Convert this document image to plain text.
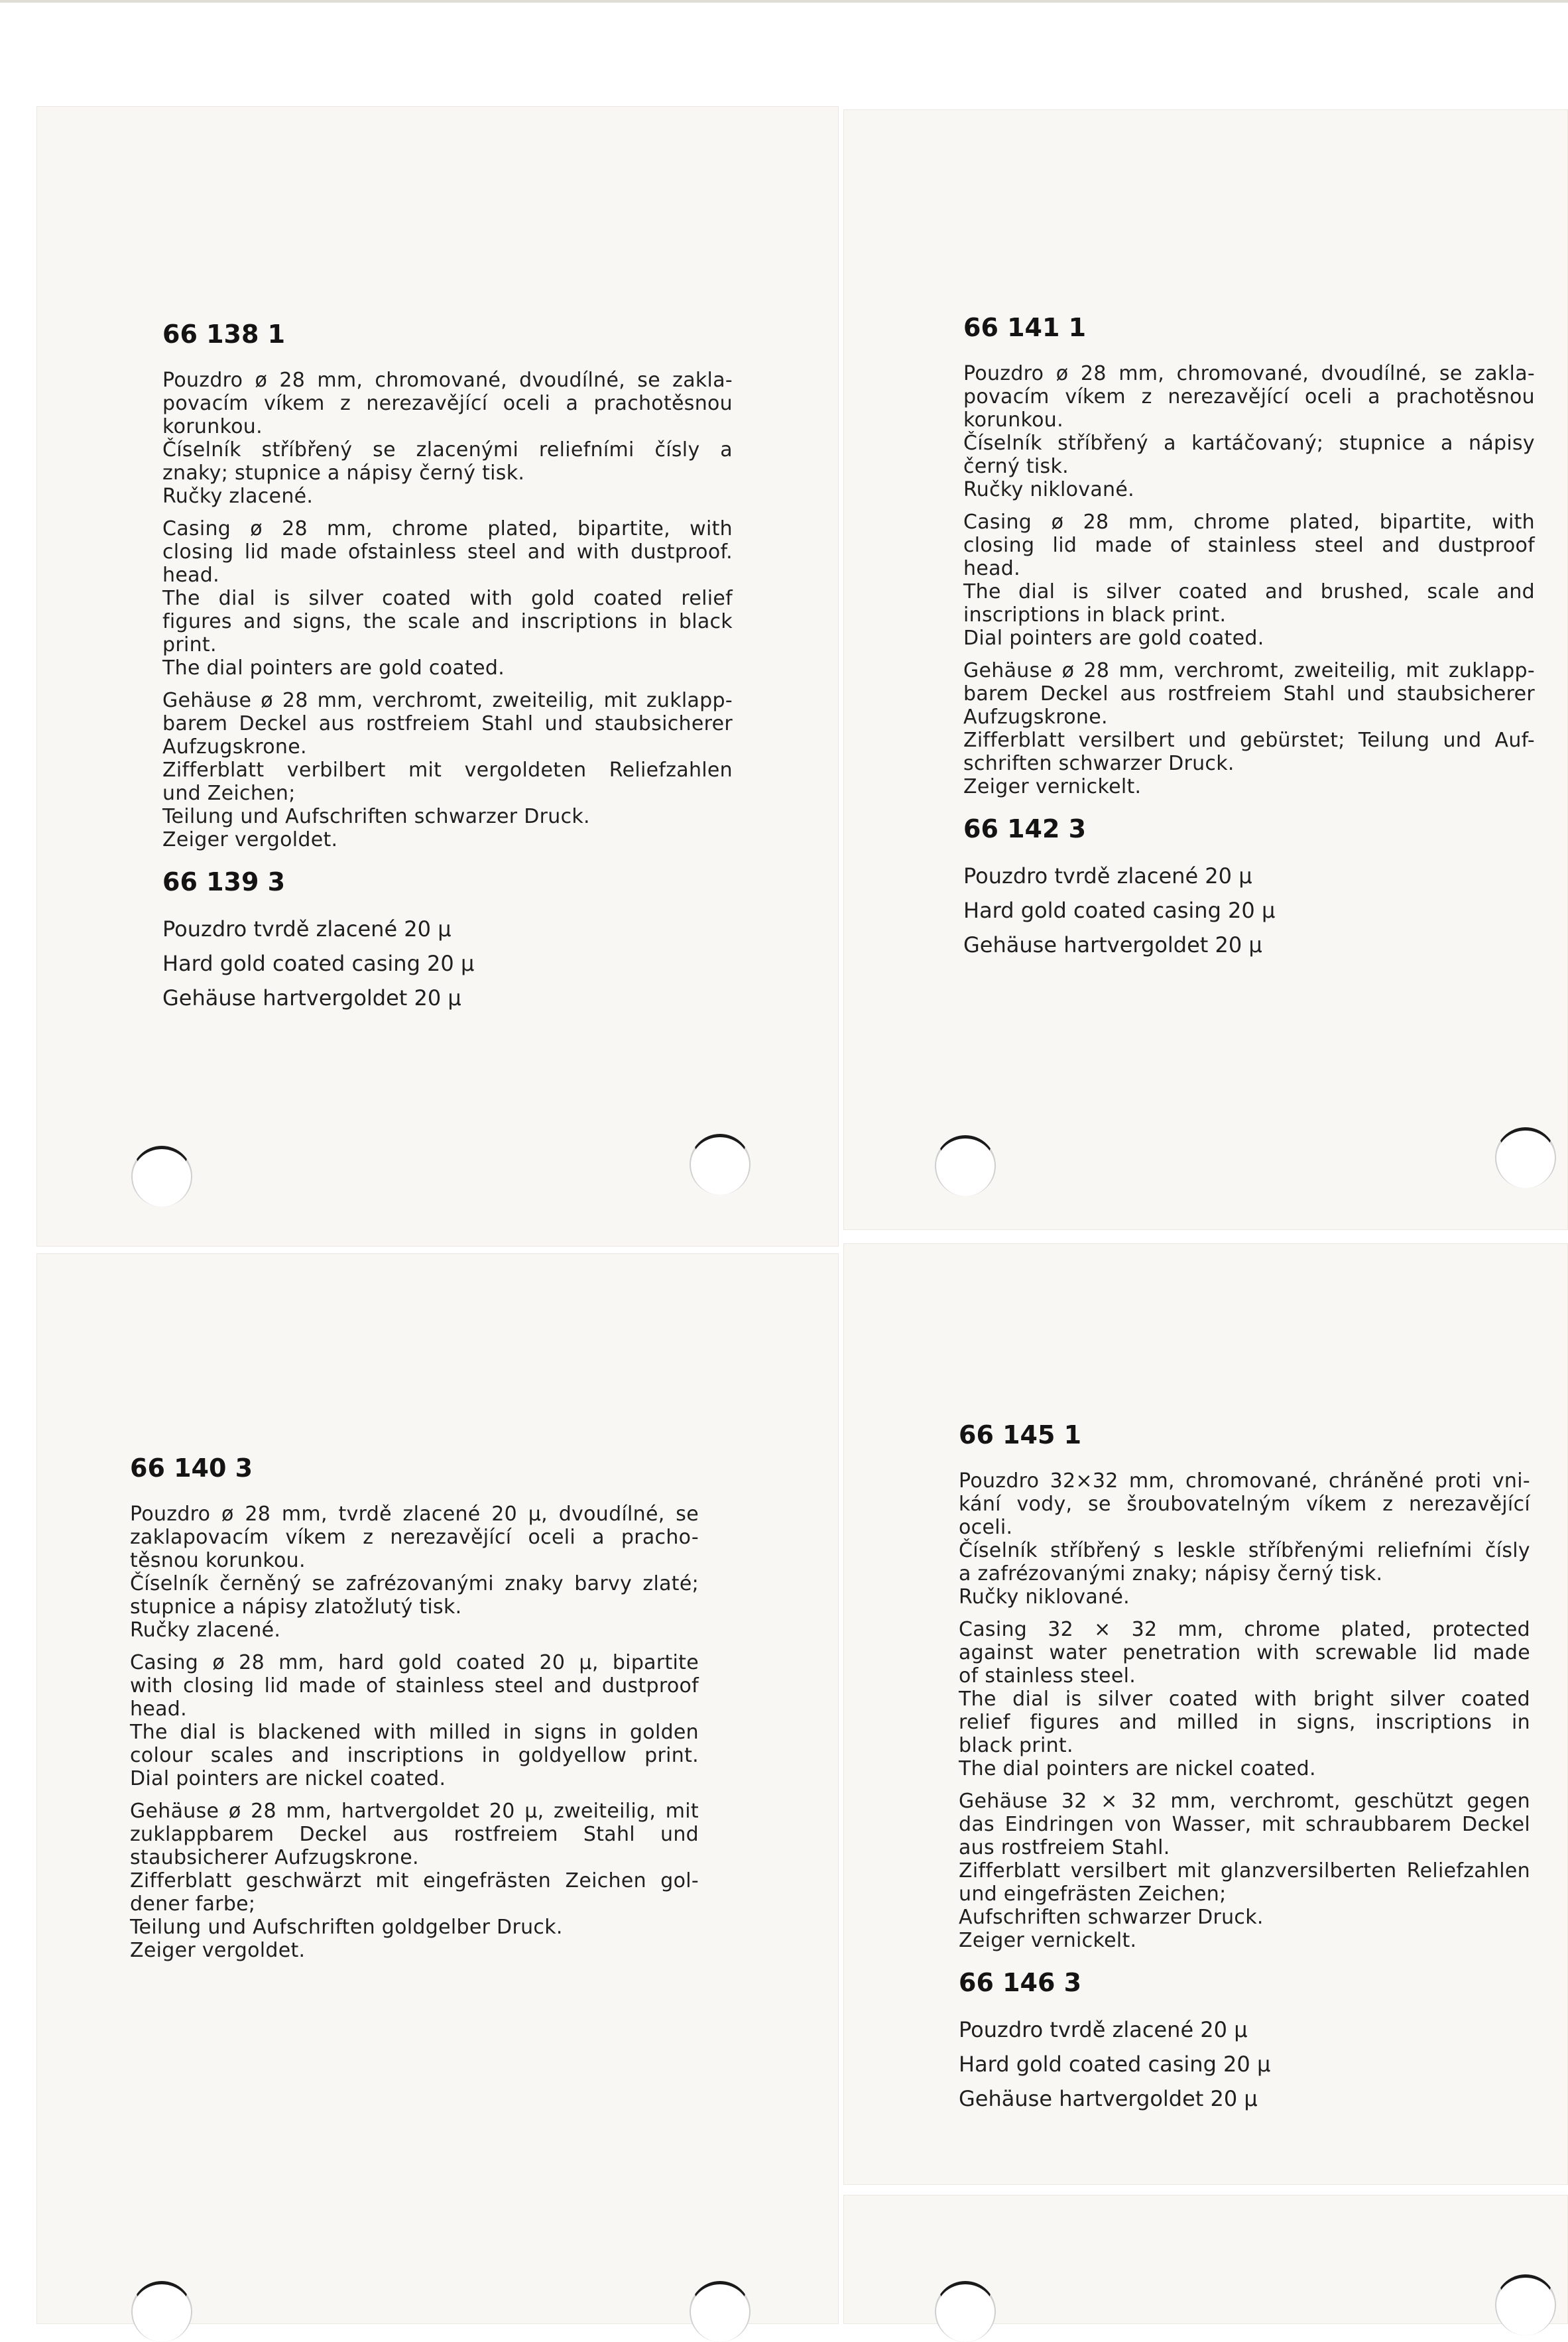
66 138 1
Pouzdro ø 28 mm, chromované, dvoudílné, se zakla-
povacím víkem z nerezavějící oceli a prachotěsnou
korunkou.
Číselník stříbřený se zlacenými reliefními čísly a
znaky; stupnice a nápisy černý tisk.
Ručky zlacené.
Casing ø 28 mm, chrome plated, bipartite, with
closing lid made ofstainless steel and with dustproof.
head.
The dial is silver coated with gold coated relief
figures and signs, the scale and inscriptions in black
print.
The dial pointers are gold coated.
Gehäuse ø 28 mm, verchromt, zweiteilig, mit zuklapp-
barem Deckel aus rostfreiem Stahl und staubsicherer
Aufzugskrone.
Zifferblatt verbilbert mit vergoldeten Reliefzahlen
und Zeichen;
Teilung und Aufschriften schwarzer Druck.
Zeiger vergoldet.
66 139 3
Pouzdro tvrdě zlacené 20 µ
Hard gold coated casing 20 µ
Gehäuse hartvergoldet 20 µ
66 141 1
Pouzdro ø 28 mm, chromované, dvoudílné, se zakla-
povacím víkem z nerezavějící oceli a prachotěsnou
korunkou.
Číselník stříbřený a kartáčovaný; stupnice a nápisy
černý tisk.
Ručky niklované.
Casing ø 28 mm, chrome plated, bipartite, with
closing lid made of stainless steel and dustproof
head.
The dial is silver coated and brushed, scale and
inscriptions in black print.
Dial pointers are gold coated.
Gehäuse ø 28 mm, verchromt, zweiteilig, mit zuklapp-
barem Deckel aus rostfreiem Stahl und staubsicherer
Aufzugskrone.
Zifferblatt versilbert und gebürstet; Teilung und Auf-
schriften schwarzer Druck.
Zeiger vernickelt.
66 142 3
Pouzdro tvrdě zlacené 20 µ
Hard gold coated casing 20 µ
Gehäuse hartvergoldet 20 µ
66 140 3
Pouzdro ø 28 mm, tvrdě zlacené 20 µ, dvoudílné, se
zaklapovacím víkem z nerezavějící oceli a pracho-
těsnou korunkou.
Číselník černěný se zafrézovanými znaky barvy zlaté;
stupnice a nápisy zlatožlutý tisk.
Ručky zlacené.
Casing ø 28 mm, hard gold coated 20 µ, bipartite
with closing lid made of stainless steel and dustproof
head.
The dial is blackened with milled in signs in golden
colour scales and inscriptions in goldyellow print.
Dial pointers are nickel coated.
Gehäuse ø 28 mm, hartvergoldet 20 µ, zweiteilig, mit
zuklappbarem Deckel aus rostfreiem Stahl und
staubsicherer Aufzugskrone.
Zifferblatt geschwärzt mit eingefrästen Zeichen gol-
dener farbe;
Teilung und Aufschriften goldgelber Druck.
Zeiger vergoldet.
66 145 1
Pouzdro 32×32 mm, chromované, chráněné proti vni-
kání vody, se šroubovatelným víkem z nerezavějící
oceli.
Číselník stříbřený s leskle stříbřenými reliefními čísly
a zafrézovanými znaky; nápisy černý tisk.
Ručky niklované.
Casing 32 × 32 mm, chrome plated, protected
against water penetration with screwable lid made
of stainless steel.
The dial is silver coated with bright silver coated
relief figures and milled in signs, inscriptions in
black print.
The dial pointers are nickel coated.
Gehäuse 32 × 32 mm, verchromt, geschützt gegen
das Eindringen von Wasser, mit schraubbarem Deckel
aus rostfreiem Stahl.
Zifferblatt versilbert mit glanzversilberten Reliefzahlen
und eingefrästen Zeichen;
Aufschriften schwarzer Druck.
Zeiger vernickelt.
66 146 3
Pouzdro tvrdě zlacené 20 µ
Hard gold coated casing 20 µ
Gehäuse hartvergoldet 20 µ
